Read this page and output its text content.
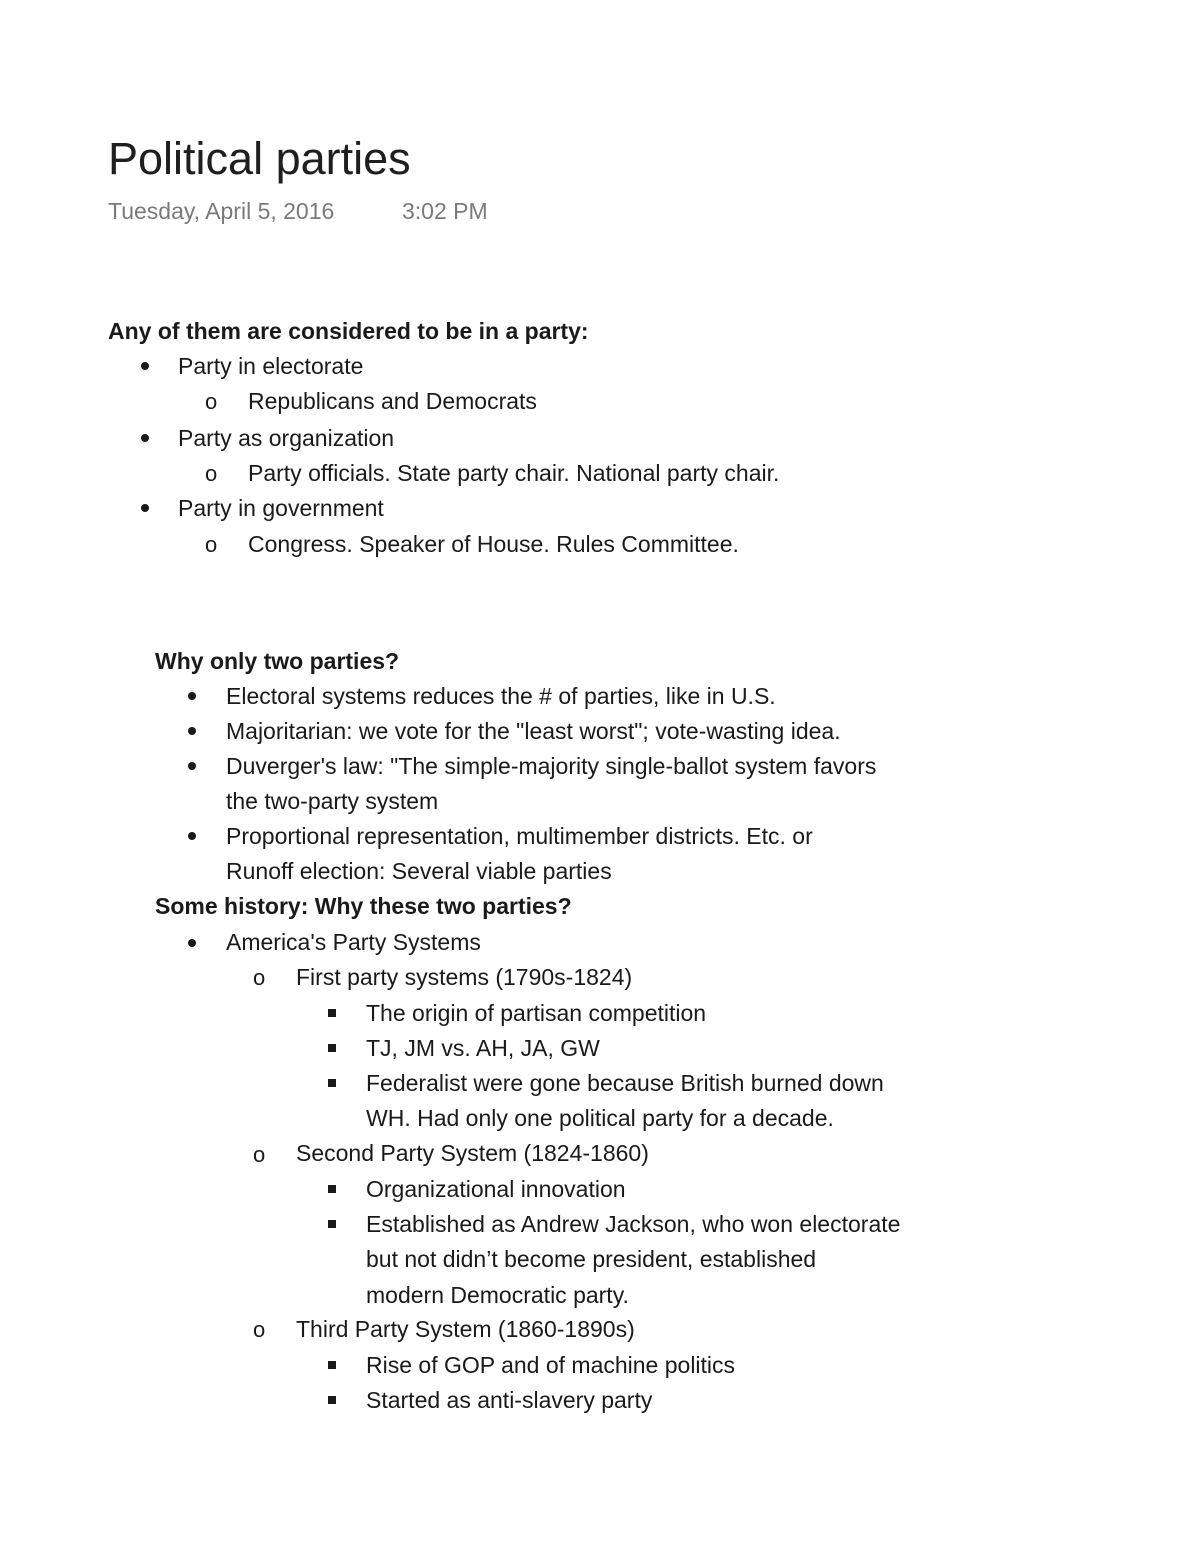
Political parties
Tuesday, April 5, 2016	3:02 PM
Any of them are considered to be in a party:
Party in electorate
o Republicans and Democrats
Party as organization
o Party officials. State party chair. National party chair.
Party in government
o Congress. Speaker of House. Rules Committee.
Why only two parties?
Electoral systems reduces the # of parties, like in U.S.
Majoritarian: we vote for the "least worst"; vote-wasting idea.
Duverger's law: "The simple-majority single-ballot system favors
the two-party system
Proportional representation, multimember districts. Etc. or
Runoff election: Several viable parties
Some history: Why these two parties?
America's Party Systems
o First party systems (1790s-1824)
The origin of partisan competition
TJ, JM vs. AH, JA, GW
Federalist were gone because British burned down
WH. Had only one political party for a decade.
o Second Party System (1824-1860)
Organizational innovation
Established as Andrew Jackson, who won electorate
but not didn’t become president, established
modern Democratic party.
o Third Party System (1860-1890s)
Rise of GOP and of machine politics
Started as anti-slavery party
